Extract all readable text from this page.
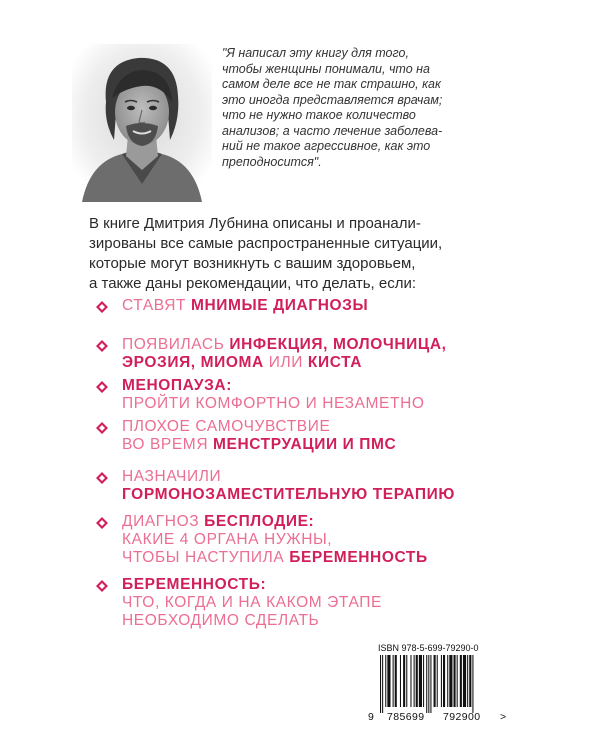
"Я написал эту книгу для того,
чтобы женщины понимали, что на
самом деле все не так страшно, как
это иногда представляется врачам;
что не нужно такое количество
анализов; а часто лечение заболева-
ний не такое агрессивное, как это
преподносится".
В книге Дмитрия Лубнина описаны и проанали-
зированы все самые распространенные ситуации,
которые могут возникнуть с вашим здоровьем,
а также даны рекомендации, что делать, если:
СТАВЯТ МНИМЫЕ ДИАГНОЗЫ
ПОЯВИЛАСЬ ИНФЕКЦИЯ, МОЛОЧНИЦА,
ЭРОЗИЯ, МИОМА ИЛИ КИСТА
МЕНОПАУЗА:
ПРОЙТИ КОМФОРТНО И НЕЗАМЕТНО
ПЛОХОЕ САМОЧУВСТВИЕ
ВО ВРЕМЯ МЕНСТРУАЦИИ И ПМС
НАЗНАЧИЛИ
ГОРМОНОЗАМЕСТИТЕЛЬНУЮ ТЕРАПИЮ
ДИАГНОЗ БЕСПЛОДИЕ:
КАКИЕ 4 ОРГАНА НУЖНЫ,
ЧТОБЫ НАСТУПИЛА БЕРЕМЕННОСТЬ
БЕРЕМЕННОСТЬ:
ЧТО, КОГДА И НА КАКОМ ЭТАПЕ
НЕОБХОДИМО СДЕЛАТЬ
ISBN 978-5-699-79290-0
9 785699 792900 >
